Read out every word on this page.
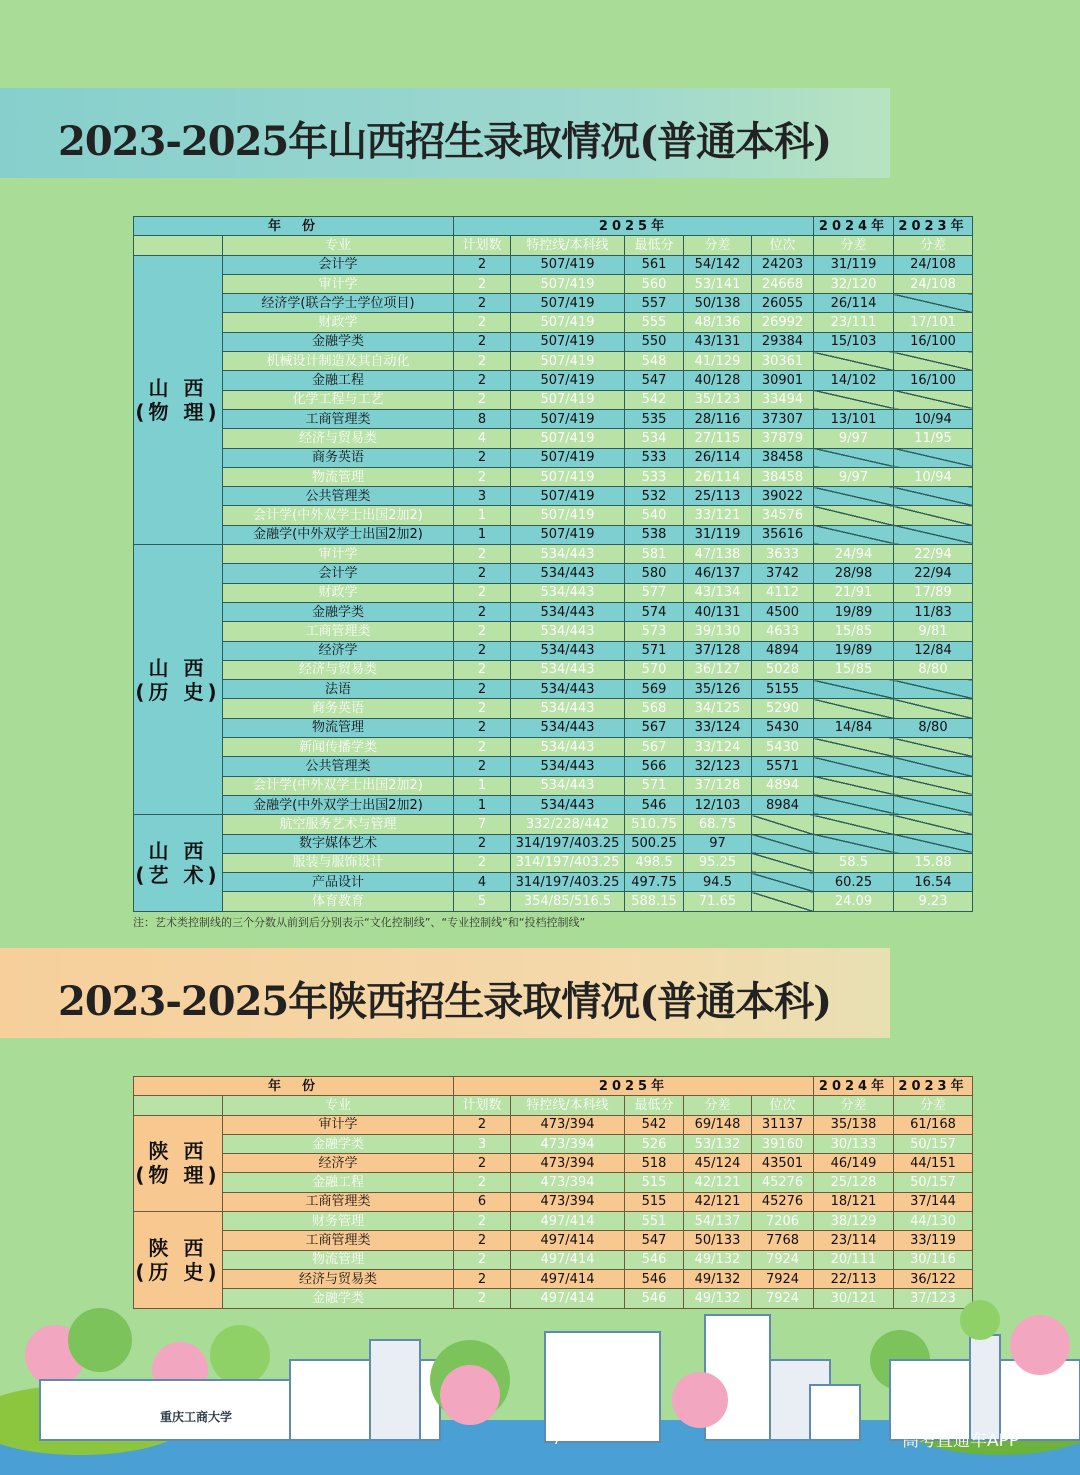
2023-2025年山西招生录取情况(普通本科)
年　份		2025年					2024年	2023年
	专业	计划数	特控线/本科线	最低分	分差	位次	分差	分差
山 西
(物 理)	会计学	2	507/419	561	54/142	24203	31/119	24/108
	审计学	2	507/419	560	53/141	24668	32/120	24/108
	经济学(联合学士学位项目)	2	507/419	557	50/138	26055	26/114	
	财政学	2	507/419	555	48/136	26992	23/111	17/101
	金融学类	2	507/419	550	43/131	29384	15/103	16/100
	机械设计制造及其自动化	2	507/419	548	41/129	30361		
	金融工程	2	507/419	547	40/128	30901	14/102	16/100
	化学工程与工艺	2	507/419	542	35/123	33494		
	工商管理类	8	507/419	535	28/116	37307	13/101	10/94
	经济与贸易类	4	507/419	534	27/115	37879	9/97	11/95
	商务英语	2	507/419	533	26/114	38458		
	物流管理	2	507/419	533	26/114	38458	9/97	10/94
	公共管理类	3	507/419	532	25/113	39022		
	会计学(中外双学士出国2加2)	1	507/419	540	33/121	34576		
	金融学(中外双学士出国2加2)	1	507/419	538	31/119	35616		
山 西
(历 史)	审计学	2	534/443	581	47/138	3633	24/94	22/94
	会计学	2	534/443	580	46/137	3742	28/98	22/94
	财政学	2	534/443	577	43/134	4112	21/91	17/89
	金融学类	2	534/443	574	40/131	4500	19/89	11/83
	工商管理类	2	534/443	573	39/130	4633	15/85	9/81
	经济学	2	534/443	571	37/128	4894	19/89	12/84
	经济与贸易类	2	534/443	570	36/127	5028	15/85	8/80
	法语	2	534/443	569	35/126	5155		
	商务英语	2	534/443	568	34/125	5290		
	物流管理	2	534/443	567	33/124	5430	14/84	8/80
	新闻传播学类	2	534/443	567	33/124	5430		
	公共管理类	2	534/443	566	32/123	5571		
	会计学(中外双学士出国2加2)	1	534/443	571	37/128	4894		
	金融学(中外双学士出国2加2)	1	534/443	546	12/103	8984		
山 西
(艺 术)	航空服务艺术与管理	7	332/228/442	510.75	68.75			
	数字媒体艺术	2	314/197/403.25	500.25	97			
	服装与服饰设计	2	314/197/403.25	498.5	95.25		58.5	15.88
	产品设计	4	314/197/403.25	497.75	94.5		60.25	16.54
	体育教育	5	354/85/516.5	588.15	71.65		24.09	9.23
注：艺术类控制线的三个分数从前到后分别表示“文化控制线”、“专业控制线”和“投档控制线”
2023-2025年陕西招生录取情况(普通本科)
年　份		2025年					2024年	2023年
	专业	计划数	特控线/本科线	最低分	分差	位次	分差	分差
陕 西
(物 理)	审计学	2	473/394	542	69/148	31137	35/138	61/168
	金融学类	3	473/394	526	53/132	39160	30/133	50/157
	经济学	2	473/394	518	45/124	43501	46/149	44/151
	金融工程	2	473/394	515	42/121	45276	25/128	50/157
	工商管理类	6	473/394	515	42/121	45276	18/121	37/144
陕 西
(历 史)	财务管理	2	497/414	551	54/137	7206	38/129	44/130
	工商管理类	2	497/414	547	50/133	7768	23/114	33/119
	物流管理	2	497/414	546	49/132	7924	20/111	30/116
	经济与贸易类	2	497/414	546	49/132	7924	22/113	36/122
	金融学类	2	497/414	546	49/132	7924	30/121	37/123
重庆工商大学
·7·	高考直通车APP
